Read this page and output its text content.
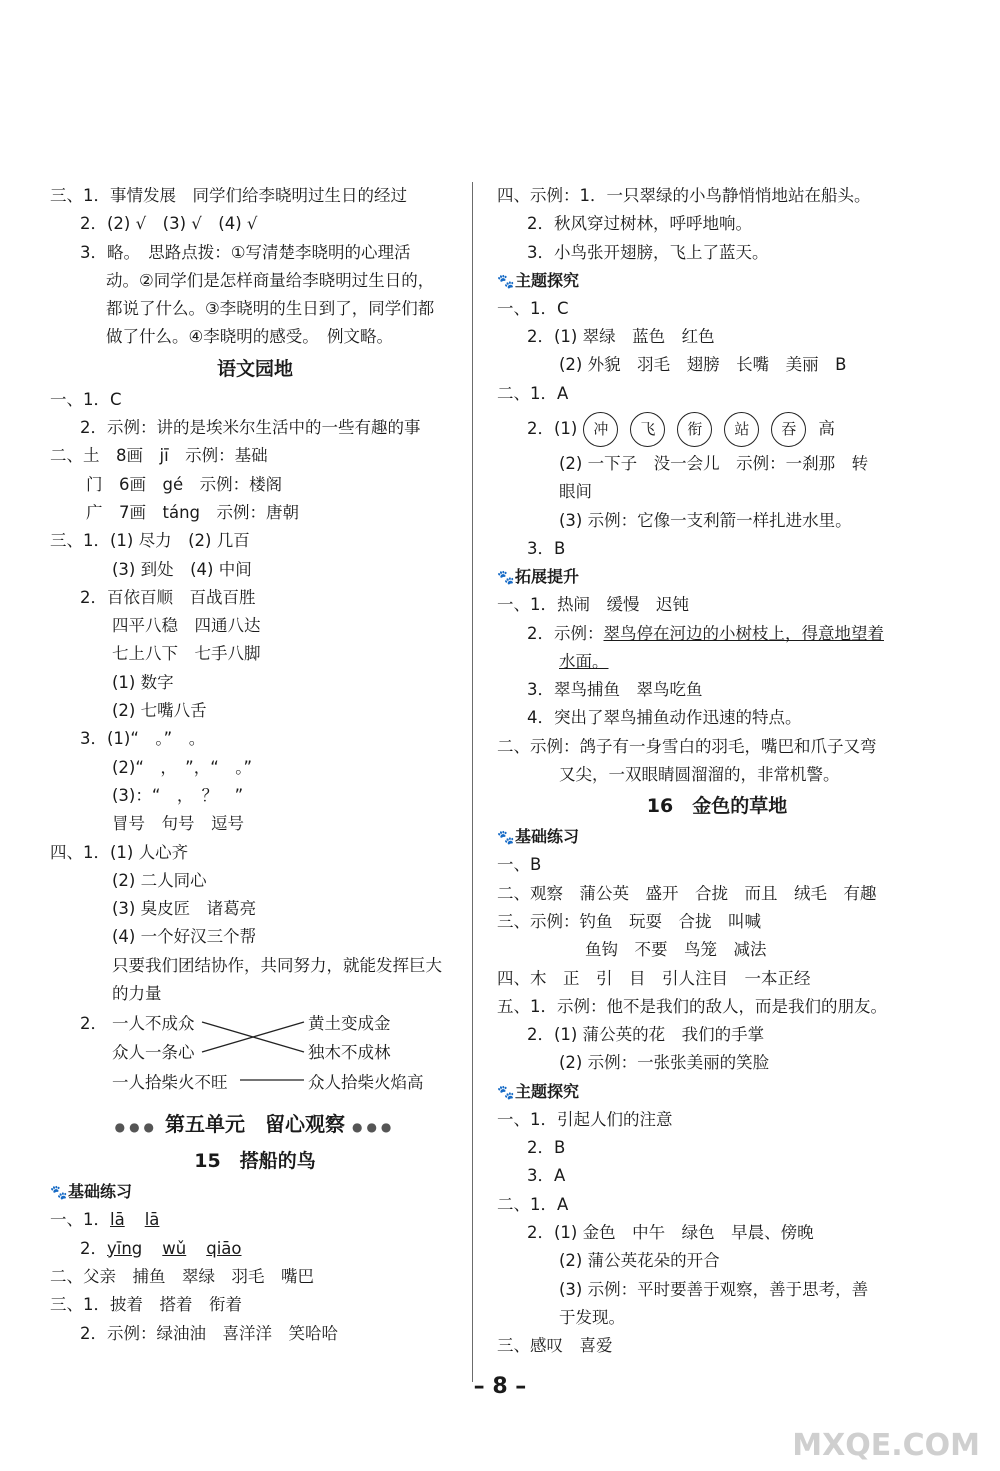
三、1．事情发展　同学们给李晓明过生日的经过
2．(2) √　(3) √　(4) √
3．略。　思路点拨：①写清楚李晓明的心理活
动。②同学们是怎样商量给李晓明过生日的，
都说了什么。③李晓明的生日到了，同学们都
做了什么。④李晓明的感受。　例文略。
语文园地
一、1．C
2．示例：讲的是埃米尔生活中的一些有趣的事
二、土　8画　jī　示例：基础
门　6画　gé　示例：楼阁
广　7画　táng　示例：唐朝
三、1．(1) 尽力　(2) 几百
(3) 到处　(4) 中间
2．百依百顺　百战百胜
四平八稳　四通八达
七上八下　七手八脚
(1) 数字
(2) 七嘴八舌
3．(1)“　。”　。
(2)“　，　”，“　。”
(3)：“　，　？　”
冒号　句号　逗号
四、1．(1) 人心齐
(2) 二人同心
(3) 臭皮匠　诸葛亮
(4) 一个好汉三个帮
只要我们团结协作，共同努力，就能发挥巨大
的力量
2． 一人不成众
众人一条心
一人拾柴火不旺
黄土变成金
独木不成林
众人拾柴火焰高
●●● 第五单元　留心观察 ●●●
15　搭船的鸟
🐾基础练习
一、1．lā lā
2．yīng wǔ qiāo
二、父亲　捕鱼　翠绿　羽毛　嘴巴
三、1．披着　搭着　衔着
2．示例：绿油油　喜洋洋　笑哈哈
四、示例：1．一只翠绿的小鸟静悄悄地站在船头。
2．秋风穿过树林，呼呼地响。
3．小鸟张开翅膀，飞上了蓝天。
🐾主题探究
一、1．C
2．(1) 翠绿　蓝色　红色
(2) 外貌　羽毛　翅膀　长嘴　美丽　B
二、1．A
2．(1) 冲 飞 衔 站 吞 高
(2) 一下子　没一会儿　示例：一刹那　转
眼间
(3) 示例：它像一支利箭一样扎进水里。
3．B
🐾拓展提升
一、1．热闹　缓慢　迟钝
2．示例：翠鸟停在河边的小树枝上，得意地望着
水面。
3．翠鸟捕鱼　翠鸟吃鱼
4．突出了翠鸟捕鱼动作迅速的特点。
二、示例：鸽子有一身雪白的羽毛，嘴巴和爪子又弯
又尖，一双眼睛圆溜溜的，非常机警。
16　金色的草地
🐾基础练习
一、B
二、观察　蒲公英　盛开　合拢　而且　绒毛　有趣
三、示例：钓鱼　玩耍　合拢　叫喊
鱼钩　不要　鸟笼　减法
四、木　正　引　目　引人注目　一本正经
五、1．示例：他不是我们的敌人，而是我们的朋友。
2．(1) 蒲公英的花　我们的手掌
(2) 示例：一张张美丽的笑脸
🐾主题探究
一、1．引起人们的注意
2．B
3．A
二、1．A
2．(1) 金色　中午　绿色　早晨、傍晚
(2) 蒲公英花朵的开合
(3) 示例：平时要善于观察，善于思考，善
于发现。
三、感叹　喜爱
– 8 –
MXQE.COM
